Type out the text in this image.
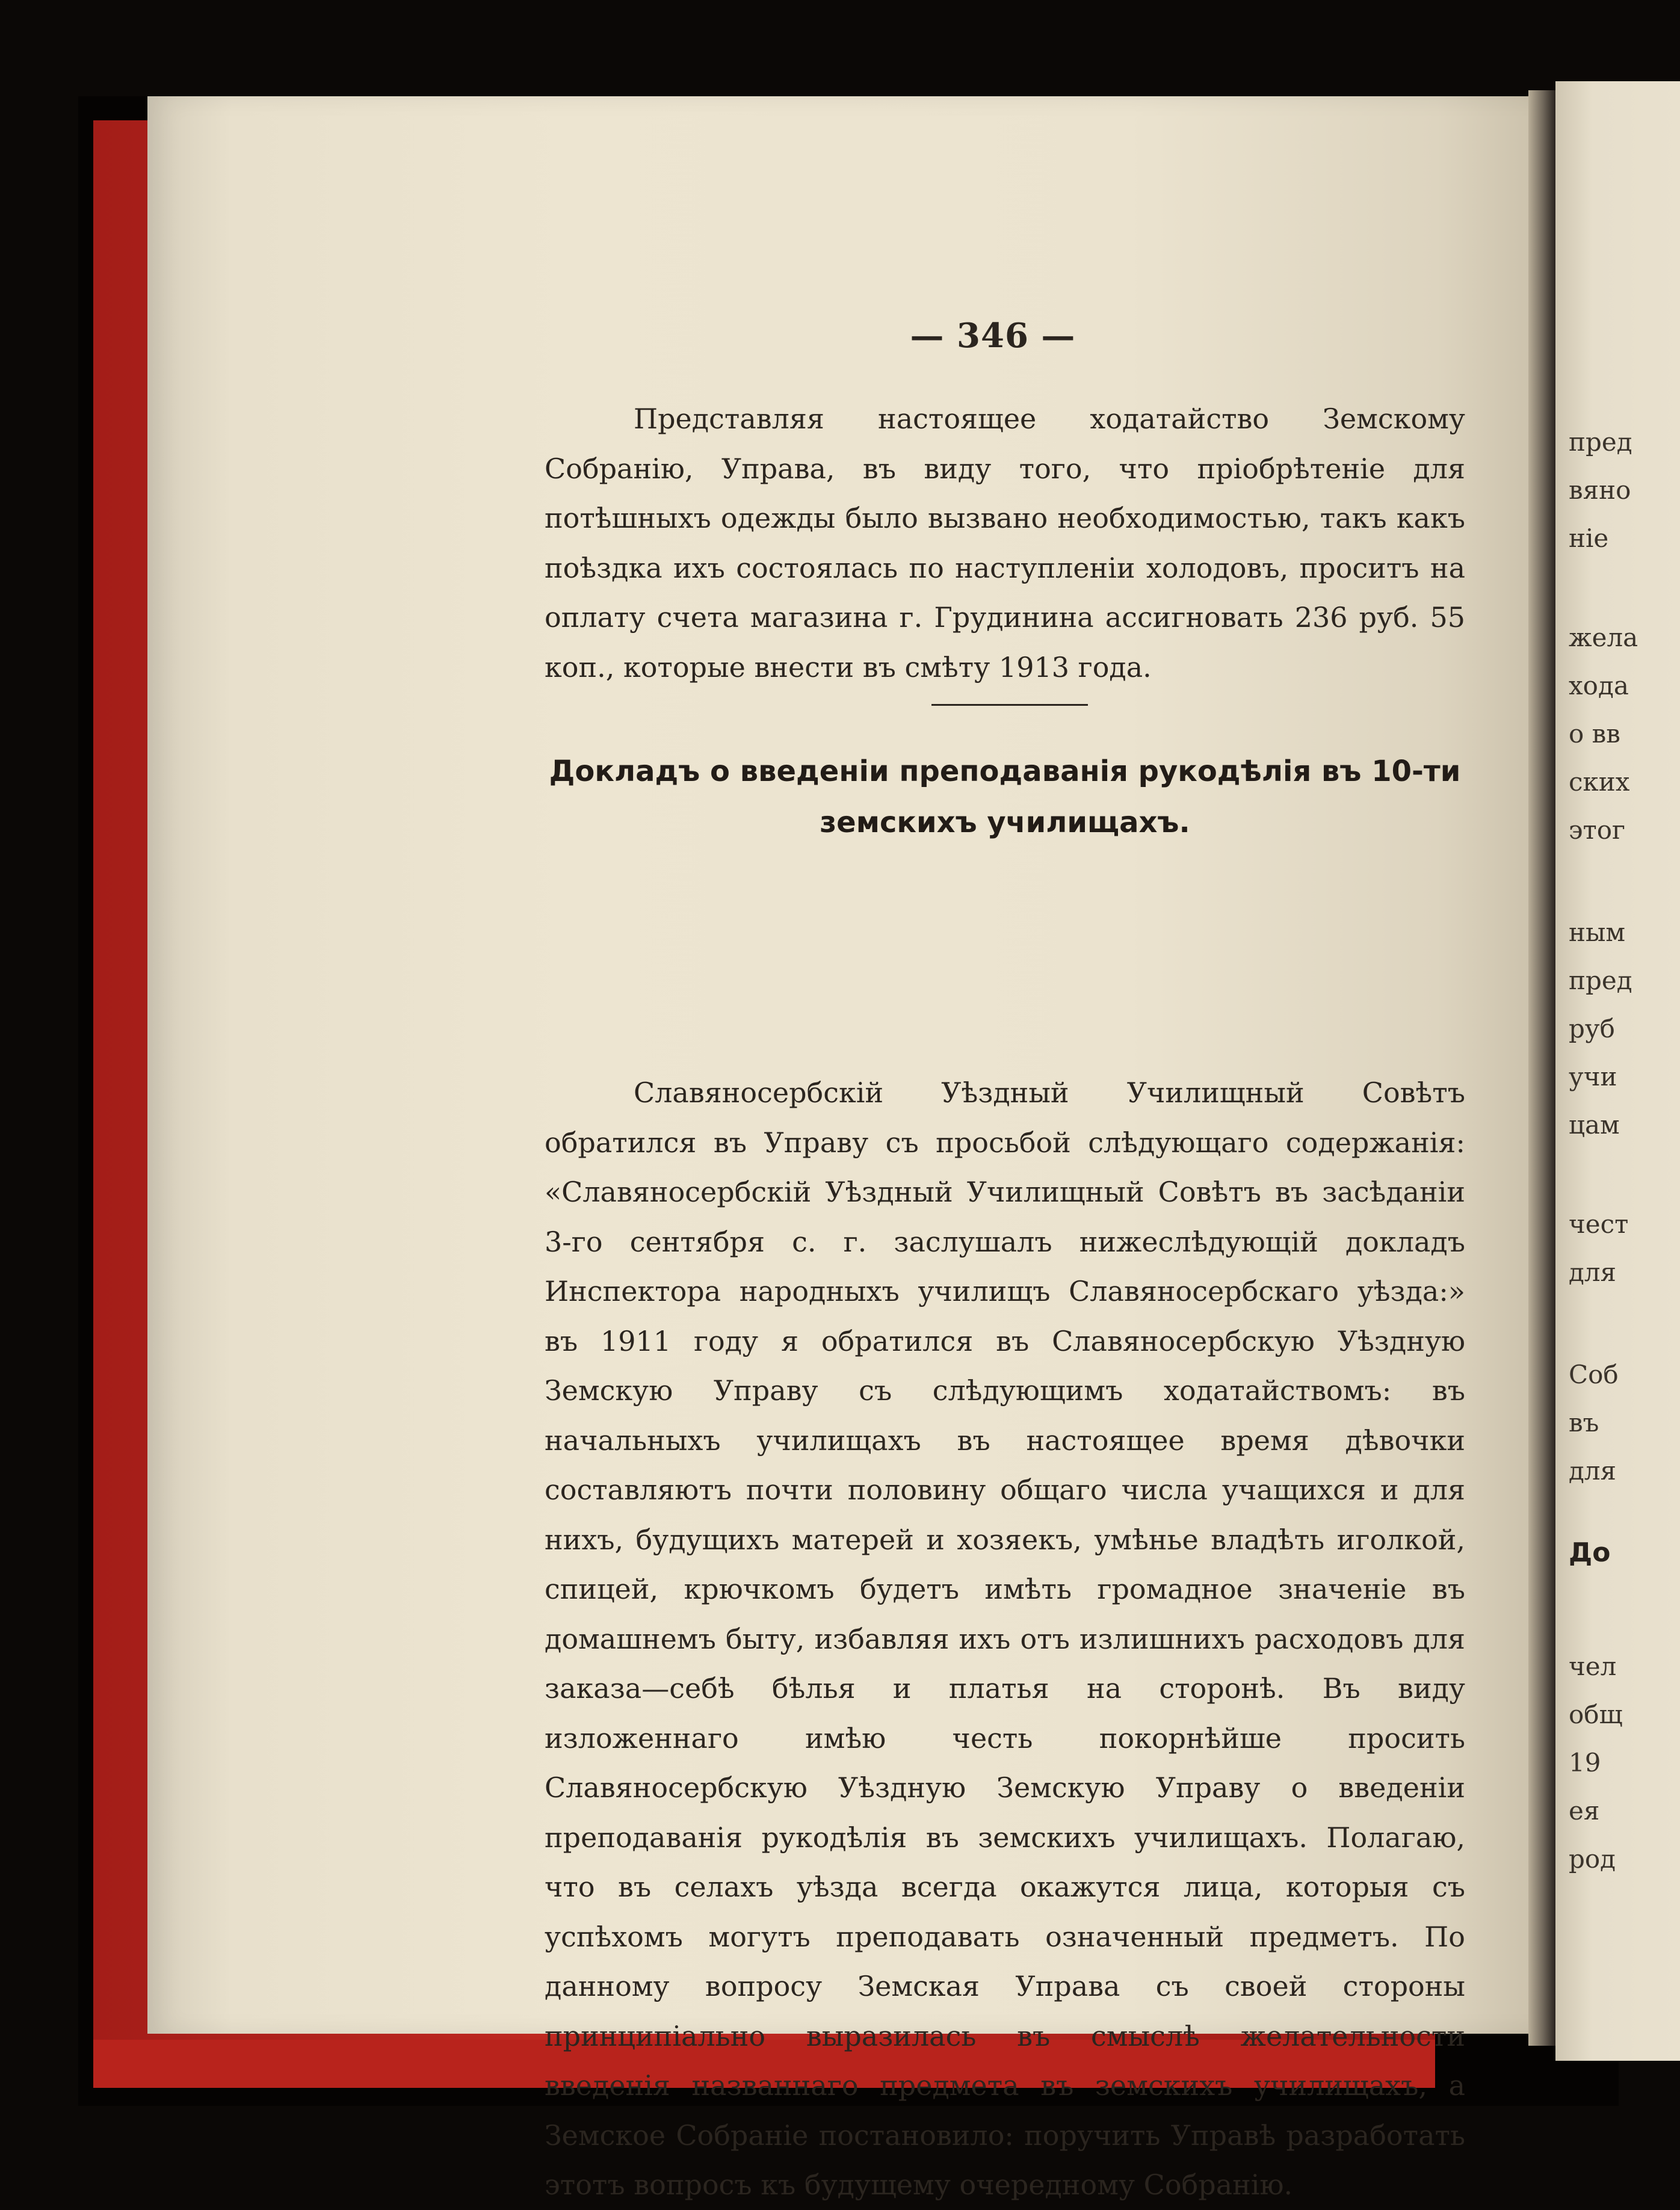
— 346 —

Представляя настоящее ходатайство Земскому Собранію, Управа, въ виду того, что пріобрѣтеніе для потѣшныхъ одежды было вызвано необходимостью, такъ какъ поѣздка ихъ состоялась по наступленіи холодовъ, проситъ на оплату счета магазина г. Грудинина ассигновать 236 руб. 55 коп., которые внести въ смѣту 1913 года.

Докладъ о введеніи преподаванія рукодѣлія въ 10-ти земскихъ училищахъ.

Славяносербскій Уѣздный Училищный Совѣтъ обратился въ Управу съ просьбой слѣдующаго содержанія: «Славяносербскій Уѣздный Училищный Совѣтъ въ засѣданіи 3-го сентября с. г. заслушалъ нижеслѣдующій докладъ Инспектора народныхъ училищъ Славяносербскаго уѣзда:» въ 1911 году я обратился въ Славяносербскую Уѣздную Земскую Управу съ слѣдующимъ ходатайствомъ: въ начальныхъ училищахъ въ настоящее время дѣвочки составляютъ почти половину общаго числа учащихся и для нихъ, будущихъ матерей и хозяекъ, умѣнье владѣть иголкой, спицей, крючкомъ будетъ имѣть громадное значеніе въ домашнемъ быту, избавляя ихъ отъ излишнихъ расходовъ для заказа—себѣ бѣлья и платья на сторонѣ. Въ виду изложеннаго имѣю честь покорнѣйше просить Славяносербскую Уѣздную Земскую Управу о введеніи преподаванія рукодѣлія въ земскихъ училищахъ. Полагаю, что въ селахъ уѣзда всегда окажутся лица, которыя съ успѣхомъ могутъ преподавать означенный предметъ. По данному вопросу Земская Управа съ своей стороны принципіально выразилась въ смыслѣ желательности введенія названнаго предмета въ земскихъ училищахъ, а Земское Собраніе постановило: поручить Управѣ разработать этотъ вопросъ къ будущему очередному Собранію.

пред
вяно
ніе
жела
хода
о вв
ских
этог
ным
пред
руб
учи
цам
чест
для
Соб
въ
для
До
чел
общ
19
ея
род
